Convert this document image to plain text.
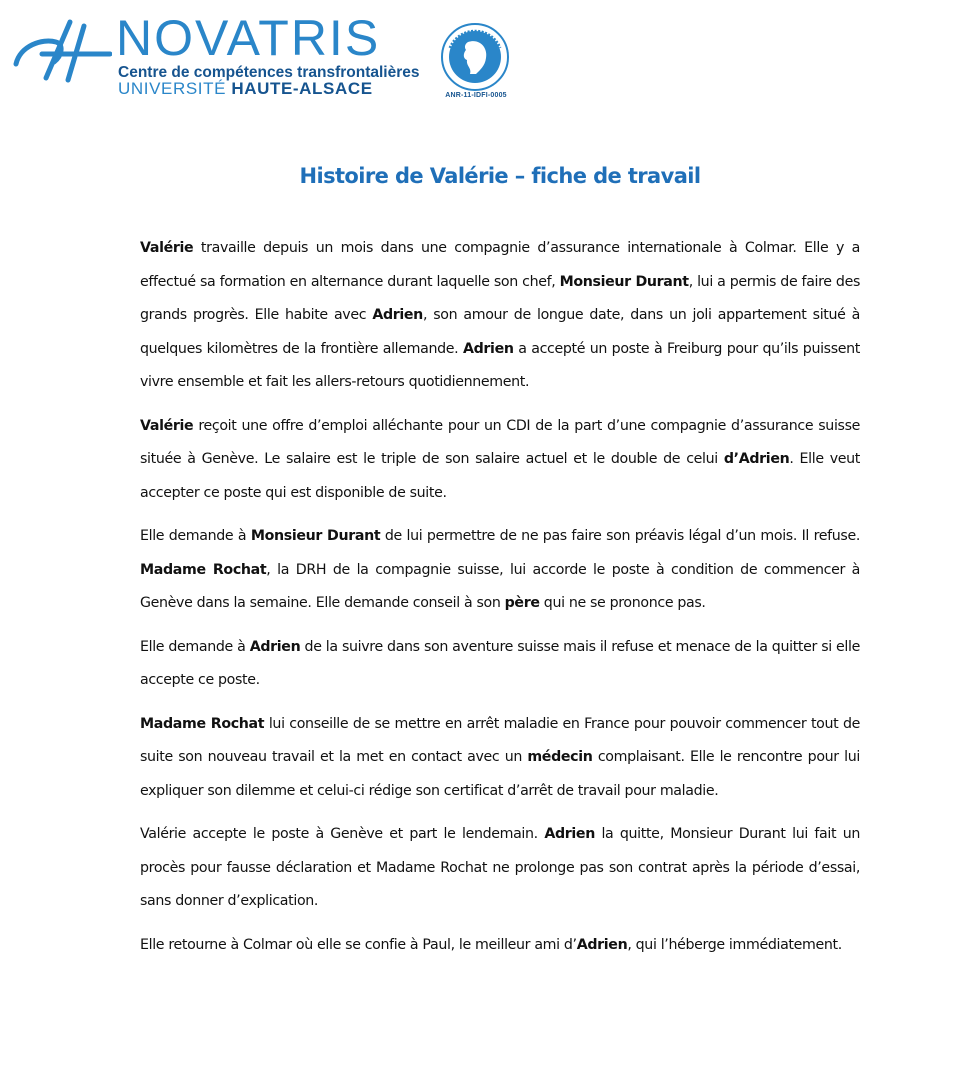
NOVATRIS
Centre de compétences transfrontalières
UNIVERSITÉ HAUTE-ALSACE	ANR-11-IDFI-0005
Histoire de Valérie – fiche de travail

Valérie travaille depuis un mois dans une compagnie d’assurance internationale à Colmar. Elle y a effectué sa formation en alternance durant laquelle son chef, Monsieur Durant, lui a permis de faire des grands progrès. Elle habite avec Adrien, son amour de longue date, dans un joli appartement situé à quelques kilomètres de la frontière allemande. Adrien a accepté un poste à Freiburg pour qu’ils puissent vivre ensemble et fait les allers-retours quotidiennement.

Valérie reçoit une offre d’emploi alléchante pour un CDI de la part d’une compagnie d’assurance suisse située à Genève. Le salaire est le triple de son salaire actuel et le double de celui d’Adrien. Elle veut accepter ce poste qui est disponible de suite.

Elle demande à Monsieur Durant de lui permettre de ne pas faire son préavis légal d’un mois. Il refuse. Madame Rochat, la DRH de la compagnie suisse, lui accorde le poste à condition de commencer à Genève dans la semaine. Elle demande conseil à son père qui ne se prononce pas.

Elle demande à Adrien de la suivre dans son aventure suisse mais il refuse et menace de la quitter si elle accepte ce poste.

Madame Rochat lui conseille de se mettre en arrêt maladie en France pour pouvoir commencer tout de suite son nouveau travail et la met en contact avec un médecin complaisant. Elle le rencontre pour lui expliquer son dilemme et celui-ci rédige son certificat d’arrêt de travail pour maladie.

Valérie accepte le poste à Genève et part le lendemain. Adrien la quitte, Monsieur Durant lui fait un procès pour fausse déclaration et Madame Rochat ne prolonge pas son contrat après la période d’essai, sans donner d’explication.

Elle retourne à Colmar où elle se confie à Paul, le meilleur ami d’Adrien, qui l’héberge immédiatement.
